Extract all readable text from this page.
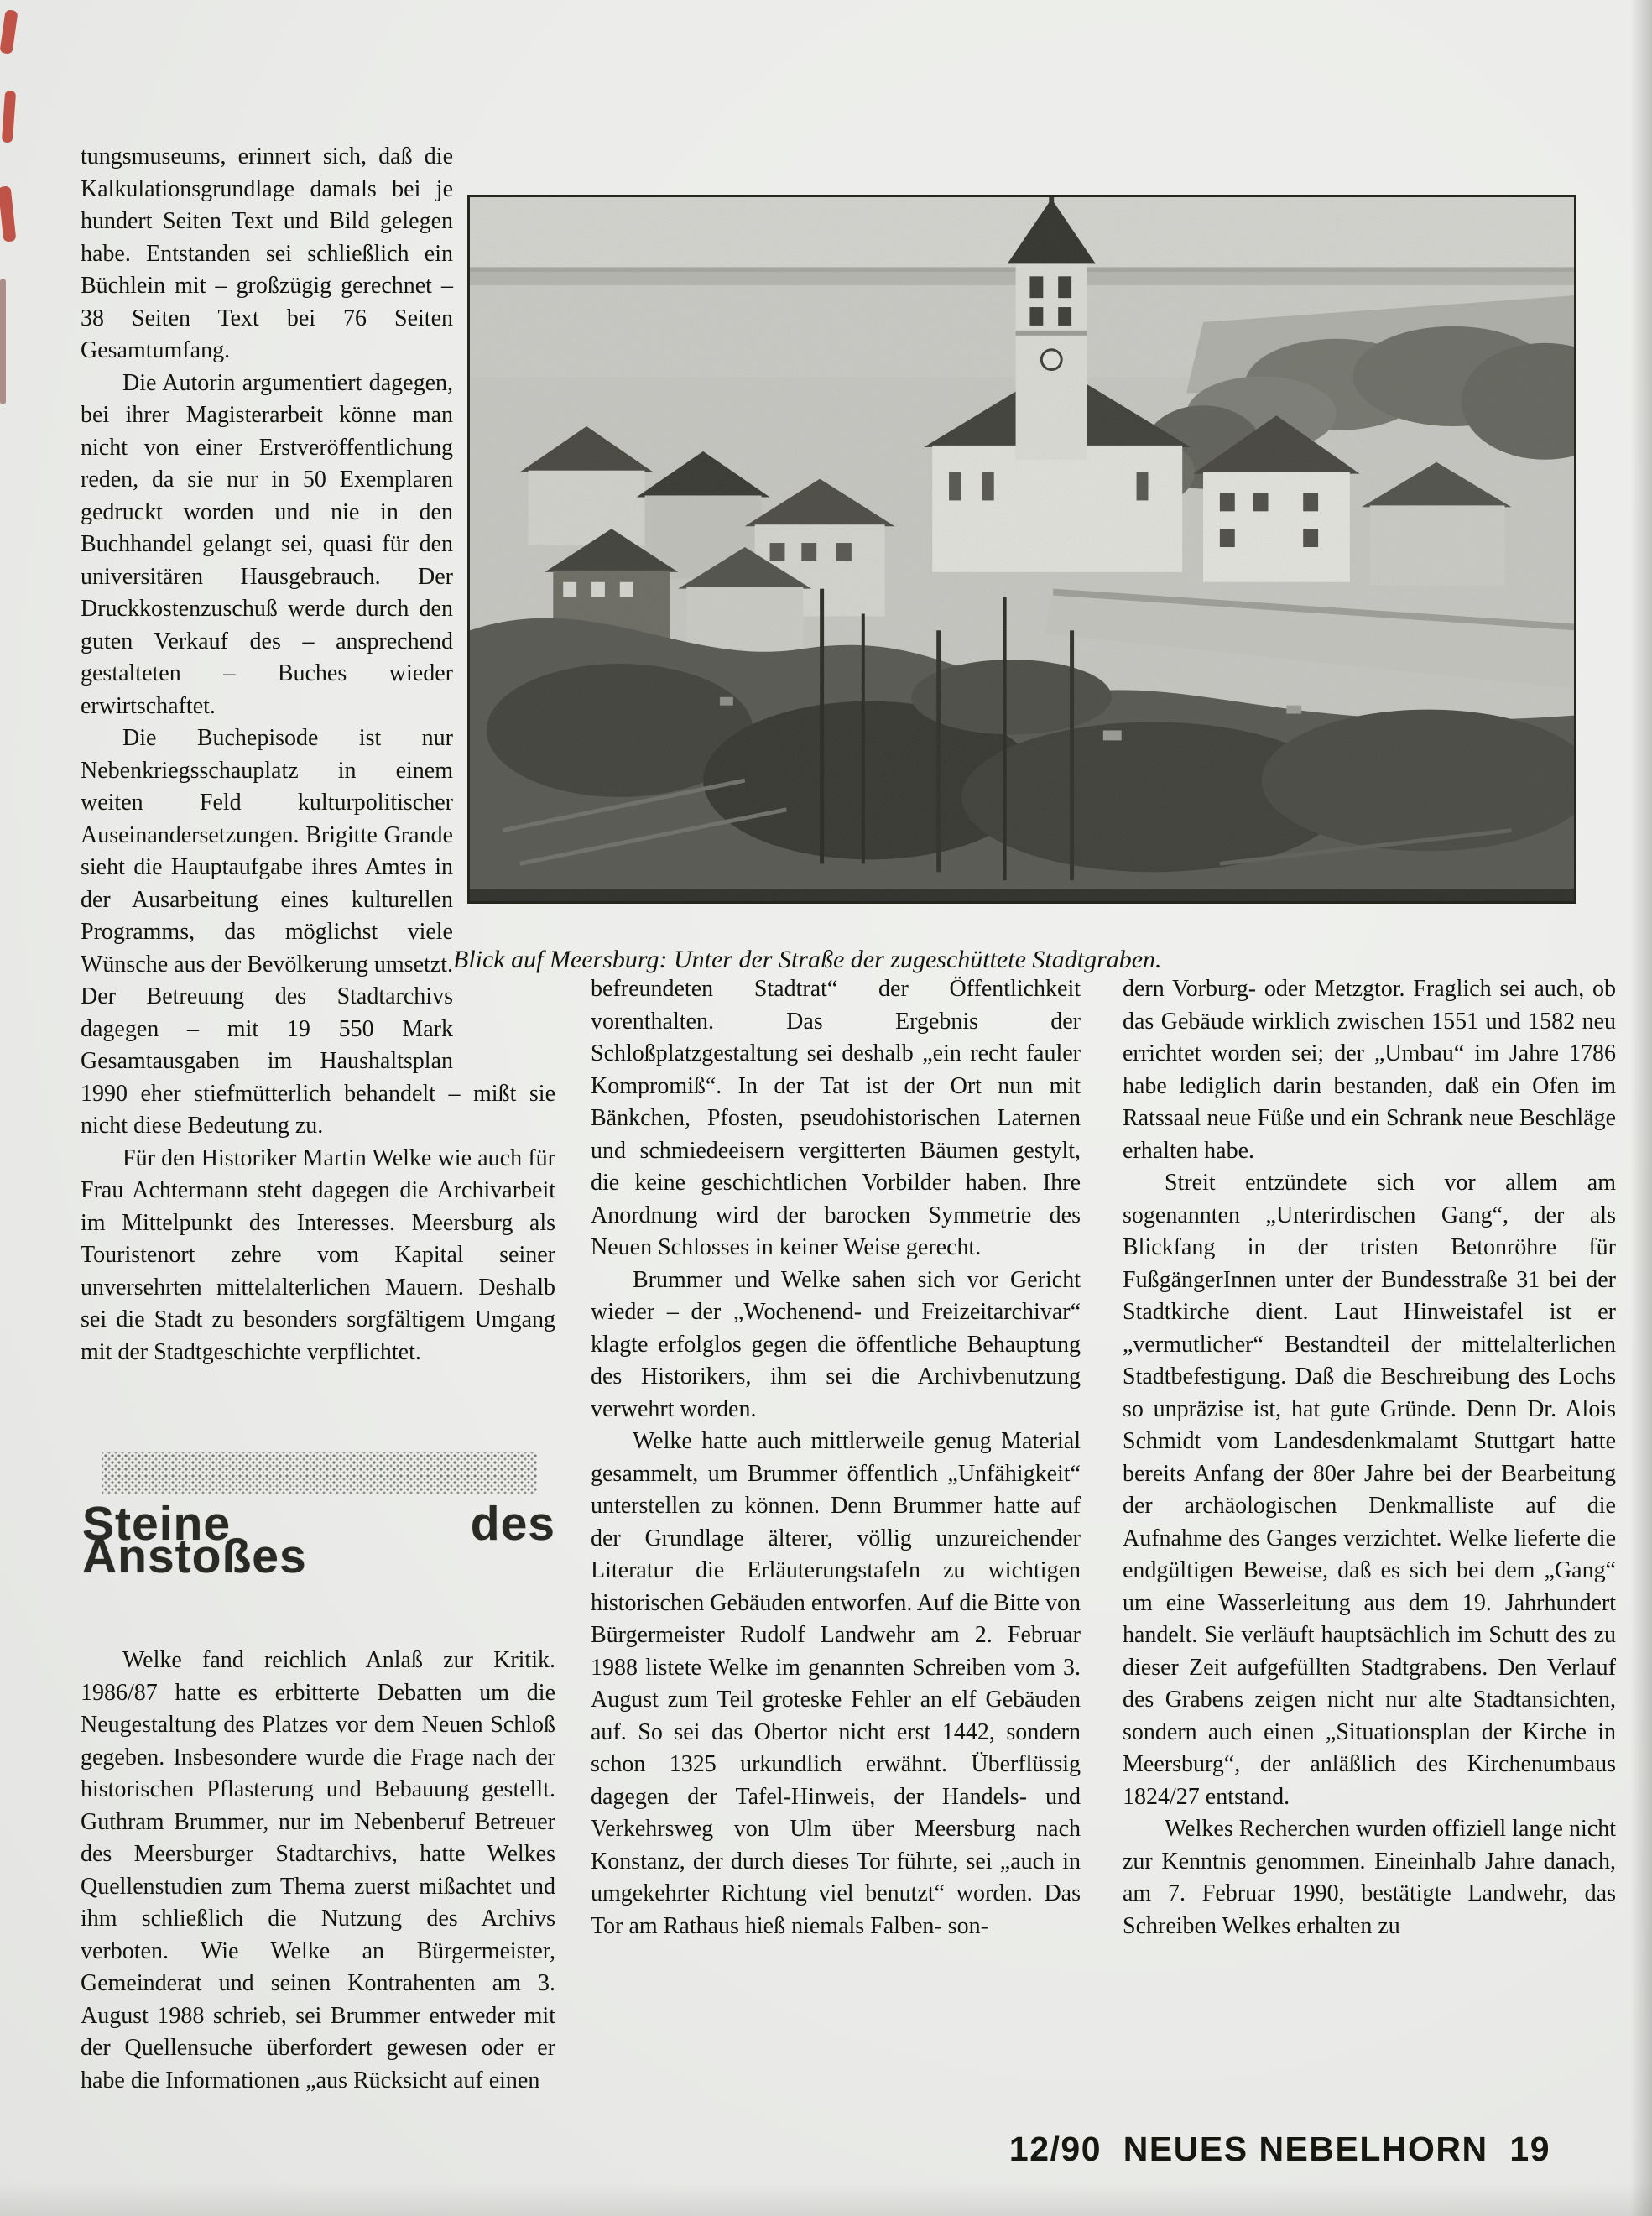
Blick auf Meersburg: Unter der Straße der zugeschüttete Stadtgraben.

tungsmuseums, erinnert sich, daß die Kalkulationsgrundlage damals bei je hundert Seiten Text und Bild gelegen habe. Entstanden sei schließlich ein Büchlein mit – großzügig gerechnet – 38 Seiten Text bei 76 Seiten Gesamtumfang.

Die Autorin argumentiert dagegen, bei ihrer Magisterarbeit könne man nicht von einer Erstveröffentlichung reden, da sie nur in 50 Exemplaren gedruckt worden und nie in den Buchhandel gelangt sei, quasi für den universitären Hausgebrauch. Der Druckkostenzuschuß werde durch den guten Verkauf des – ansprechend gestalteten – Buches wieder erwirtschaftet.

Die Buchepisode ist nur Nebenkriegsschauplatz in einem weiten Feld kulturpolitischer Auseinandersetzungen. Brigitte Grande sieht die Hauptaufgabe ihres Amtes in der Ausarbeitung eines kulturellen Programms, das möglichst viele Wünsche aus der Bevölkerung umsetzt. Der Betreuung des Stadtarchivs dagegen – mit 19 550 Mark Gesamtausgaben im Haushaltsplan 1990 eher stiefmütterlich behandelt – mißt sie nicht diese Bedeutung zu.

Für den Historiker Martin Welke wie auch für Frau Achtermann steht dagegen die Archivarbeit im Mittelpunkt des Interesses. Meersburg als Touristenort zehre vom Kapital seiner unversehrten mittelalterlichen Mauern. Deshalb sei die Stadt zu besonders sorgfältigem Umgang mit der Stadtgeschichte verpflichtet.

Steine des Anstoßes

Welke fand reichlich Anlaß zur Kritik. 1986/87 hatte es erbitterte Debatten um die Neugestaltung des Platzes vor dem Neuen Schloß gegeben. Insbesondere wurde die Frage nach der historischen Pflasterung und Bebauung gestellt. Guthram Brummer, nur im Nebenberuf Betreuer des Meersburger Stadtarchivs, hatte Welkes Quellenstudien zum Thema zuerst mißachtet und ihm schließlich die Nutzung des Archivs verboten. Wie Welke an Bürgermeister, Gemeinderat und seinen Kontrahenten am 3. August 1988 schrieb, sei Brummer entweder mit der Quellensuche überfordert gewesen oder er habe die Informationen „aus Rücksicht auf einen

befreundeten Stadtrat“ der Öffentlichkeit vorenthalten. Das Ergebnis der Schloßplatzgestaltung sei deshalb „ein recht fauler Kompromiß“. In der Tat ist der Ort nun mit Bänkchen, Pfosten, pseudohistorischen Laternen und schmiedeeisern vergitterten Bäumen gestylt, die keine geschichtlichen Vorbilder haben. Ihre Anordnung wird der barocken Symmetrie des Neuen Schlosses in keiner Weise gerecht.

Brummer und Welke sahen sich vor Gericht wieder – der „Wochenend- und Freizeitarchivar“ klagte erfolglos gegen die öffentliche Behauptung des Historikers, ihm sei die Archivbenutzung verwehrt worden.

Welke hatte auch mittlerweile genug Material gesammelt, um Brummer öffentlich „Unfähigkeit“ unterstellen zu können. Denn Brummer hatte auf der Grundlage älterer, völlig unzureichender Literatur die Erläuterungstafeln zu wichtigen historischen Gebäuden entworfen. Auf die Bitte von Bürgermeister Rudolf Landwehr am 2. Februar 1988 listete Welke im genannten Schreiben vom 3. August zum Teil groteske Fehler an elf Gebäuden auf. So sei das Obertor nicht erst 1442, sondern schon 1325 urkundlich erwähnt. Überflüssig dagegen der Tafel-Hinweis, der Handels- und Verkehrsweg von Ulm über Meersburg nach Konstanz, der durch dieses Tor führte, sei „auch in umgekehrter Richtung viel benutzt“ worden. Das Tor am Rathaus hieß niemals Falben- son-

dern Vorburg- oder Metzgtor. Fraglich sei auch, ob das Gebäude wirklich zwischen 1551 und 1582 neu errichtet worden sei; der „Umbau“ im Jahre 1786 habe lediglich darin bestanden, daß ein Ofen im Ratssaal neue Füße und ein Schrank neue Beschläge erhalten habe.

Streit entzündete sich vor allem am sogenannten „Unterirdischen Gang“, der als Blickfang in der tristen Betonröhre für FußgängerInnen unter der Bundesstraße 31 bei der Stadtkirche dient. Laut Hinweistafel ist er „vermutlicher“ Bestandteil der mittelalterlichen Stadtbefestigung. Daß die Beschreibung des Lochs so unpräzise ist, hat gute Gründe. Denn Dr. Alois Schmidt vom Landesdenkmalamt Stuttgart hatte bereits Anfang der 80er Jahre bei der Bearbeitung der archäologischen Denkmalliste auf die Aufnahme des Ganges verzichtet. Welke lieferte die endgültigen Beweise, daß es sich bei dem „Gang“ um eine Wasserleitung aus dem 19. Jahrhundert handelt. Sie verläuft hauptsächlich im Schutt des zu dieser Zeit aufgefüllten Stadtgrabens. Den Verlauf des Grabens zeigen nicht nur alte Stadtansichten, sondern auch einen „Situationsplan der Kirche in Meersburg“, der anläßlich des Kirchenumbaus 1824/27 entstand.

Welkes Recherchen wurden offiziell lange nicht zur Kenntnis genommen. Eineinhalb Jahre danach, am 7. Februar 1990, bestätigte Landwehr, das Schreiben Welkes erhalten zu

12/90  NEUES NEBELHORN  19
